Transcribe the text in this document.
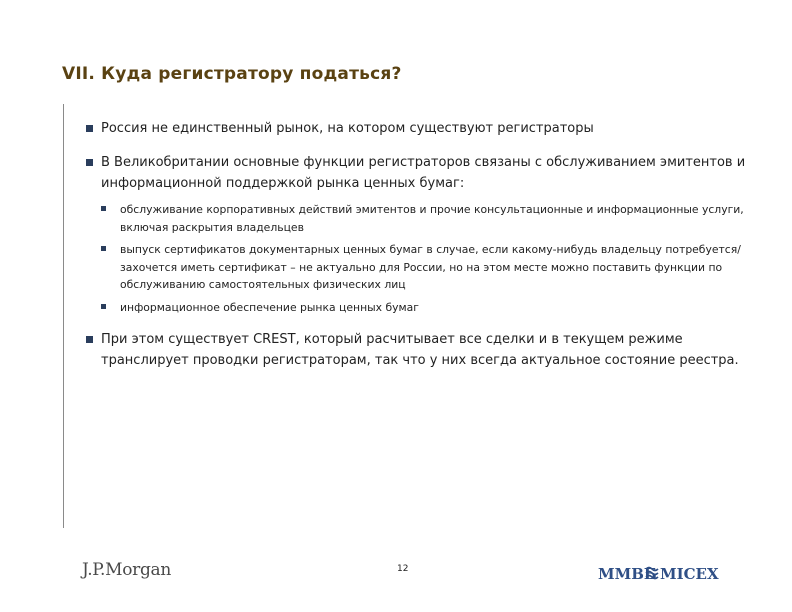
VII. Куда регистратору податься?
Россия не единственный рынок, на котором существуют регистраторы
В Великобритании основные функции регистраторов связаны с обслуживанием эмитентов и информационной поддержкой рынка ценных бумаг:
обслуживание корпоративных действий эмитентов и прочие консультационные и информационные услуги, включая раскрытия владельцев
выпуск сертификатов документарных ценных бумаг в случае, если какому-нибудь владельцу потребуется/захочется иметь сертификат – не актуально для России, но на этом месте можно поставить функции по обслуживанию самостоятельных физических лиц
информационное обеспечение рынка ценных бумаг
При этом существует CREST, который расчитывает все сделки и в текущем режиме транслирует проводки регистраторам, так что у них всегда актуальное состояние реестра.
J.P.Morgan	12	ММВБ MICEX
